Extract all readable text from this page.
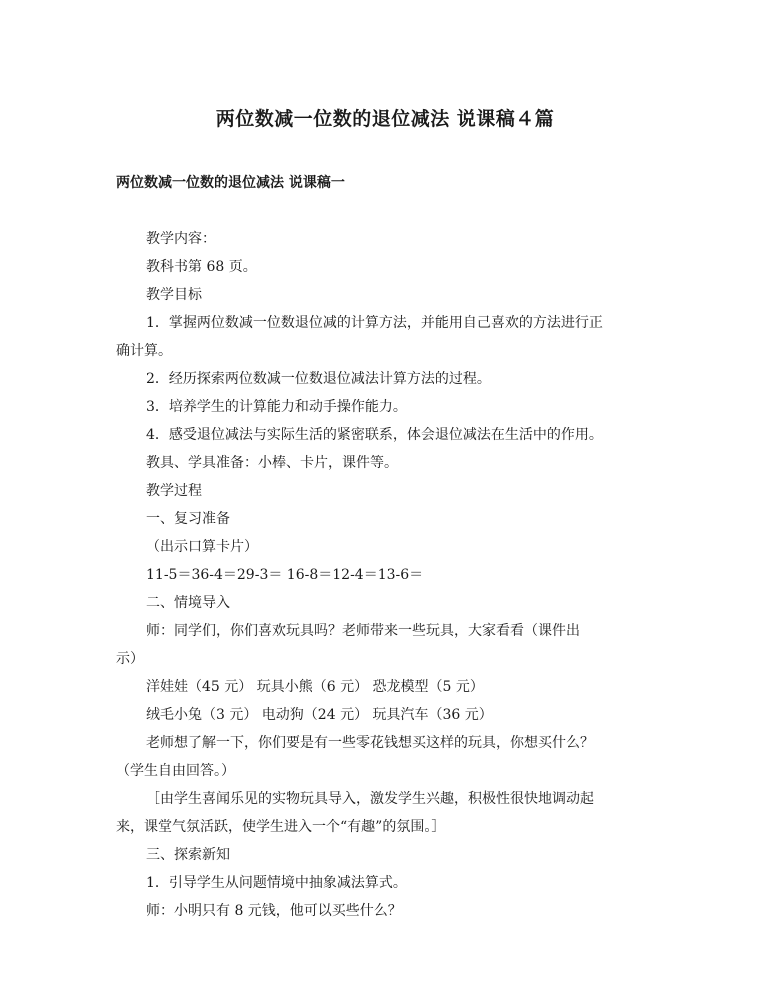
两位数减一位数的退位减法 说课稿４篇
两位数减一位数的退位减法 说课稿一
教学内容：
教科书第 68 页。
教学目标
1．掌握两位数减一位数退位减的计算方法，并能用自己喜欢的方法进行正
确计算。
2．经历探索两位数减一位数退位减法计算方法的过程。
3．培养学生的计算能力和动手操作能力。
4．感受退位减法与实际生活的紧密联系，体会退位减法在生活中的作用。
教具、学具准备：小棒、卡片，课件等。
教学过程
一、复习准备
（出示口算卡片）
11-5＝36-4＝29-3＝ 16-8＝12-4＝13-6＝
二、情境导入
师：同学们，你们喜欢玩具吗？老师带来一些玩具，大家看看（课件出
示）
洋娃娃（45 元） 玩具小熊（6 元） 恐龙模型（5 元）
绒毛小兔（3 元） 电动狗（24 元） 玩具汽车（36 元）
老师想了解一下，你们要是有一些零花钱想买这样的玩具，你想买什么？
（学生自由回答。）
［由学生喜闻乐见的实物玩具导入，激发学生兴趣，积极性很快地调动起
来，课堂气氛活跃，使学生进入一个“有趣”的氛围。］
三、探索新知
1．引导学生从问题情境中抽象减法算式。
师：小明只有 8 元钱，他可以买些什么？
